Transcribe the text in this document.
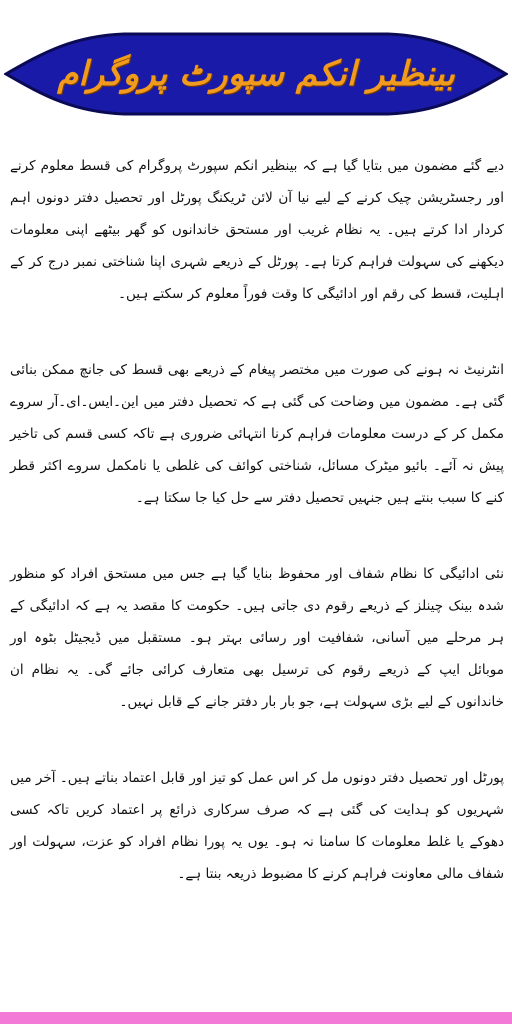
بینظیر انکم سپورٹ پروگرام

دیے گئے مضمون میں بتایا گیا ہے کہ بینظیر انکم سپورٹ پروگرام کی قسط معلوم کرنے اور رجسٹریشن چیک کرنے کے لیے نیا آن لائن ٹریکنگ پورٹل اور تحصیل دفتر دونوں اہم کردار ادا کرتے ہیں۔ یہ نظام غریب اور مستحق خاندانوں کو گھر بیٹھے اپنی معلومات دیکھنے کی سہولت فراہم کرتا ہے۔ پورٹل کے ذریعے شہری اپنا شناختی نمبر درج کر کے اہلیت، قسط کی رقم اور ادائیگی کا وقت فوراً معلوم کر سکتے ہیں۔

انٹرنیٹ نہ ہونے کی صورت میں مختصر پیغام کے ذریعے بھی قسط کی جانچ ممکن بنائی گئی ہے۔ مضمون میں وضاحت کی گئی ہے کہ تحصیل دفتر میں این۔ایس۔ای۔آر سروے مکمل کر کے درست معلومات فراہم کرنا انتہائی ضروری ہے تاکہ کسی قسم کی تاخیر پیش نہ آئے۔ بائیو میٹرک مسائل، شناختی کوائف کی غلطی یا نامکمل سروے اکثر قطر کنے کا سبب بنتے ہیں جنہیں تحصیل دفتر سے حل کیا جا سکتا ہے۔

نئی ادائیگی کا نظام شفاف اور محفوظ بنایا گیا ہے جس میں مستحق افراد کو منظور شدہ بینک چینلز کے ذریعے رقوم دی جاتی ہیں۔ حکومت کا مقصد یہ ہے کہ ادائیگی کے ہر مرحلے میں آسانی، شفافیت اور رسائی بہتر ہو۔ مستقبل میں ڈیجیٹل بٹوہ اور موبائل ایپ کے ذریعے رقوم کی ترسیل بھی متعارف کرائی جائے گی۔ یہ نظام ان خاندانوں کے لیے بڑی سہولت ہے، جو بار بار دفتر جانے کے قابل نہیں۔

پورٹل اور تحصیل دفتر دونوں مل کر اس عمل کو تیز اور قابل اعتماد بناتے ہیں۔ آخر میں شہریوں کو ہدایت کی گئی ہے کہ صرف سرکاری ذرائع پر اعتماد کریں تاکہ کسی دھوکے یا غلط معلومات کا سامنا نہ ہو۔ یوں یہ پورا نظام افراد کو عزت، سہولت اور شفاف مالی معاونت فراہم کرنے کا مضبوط ذریعہ بنتا ہے۔
